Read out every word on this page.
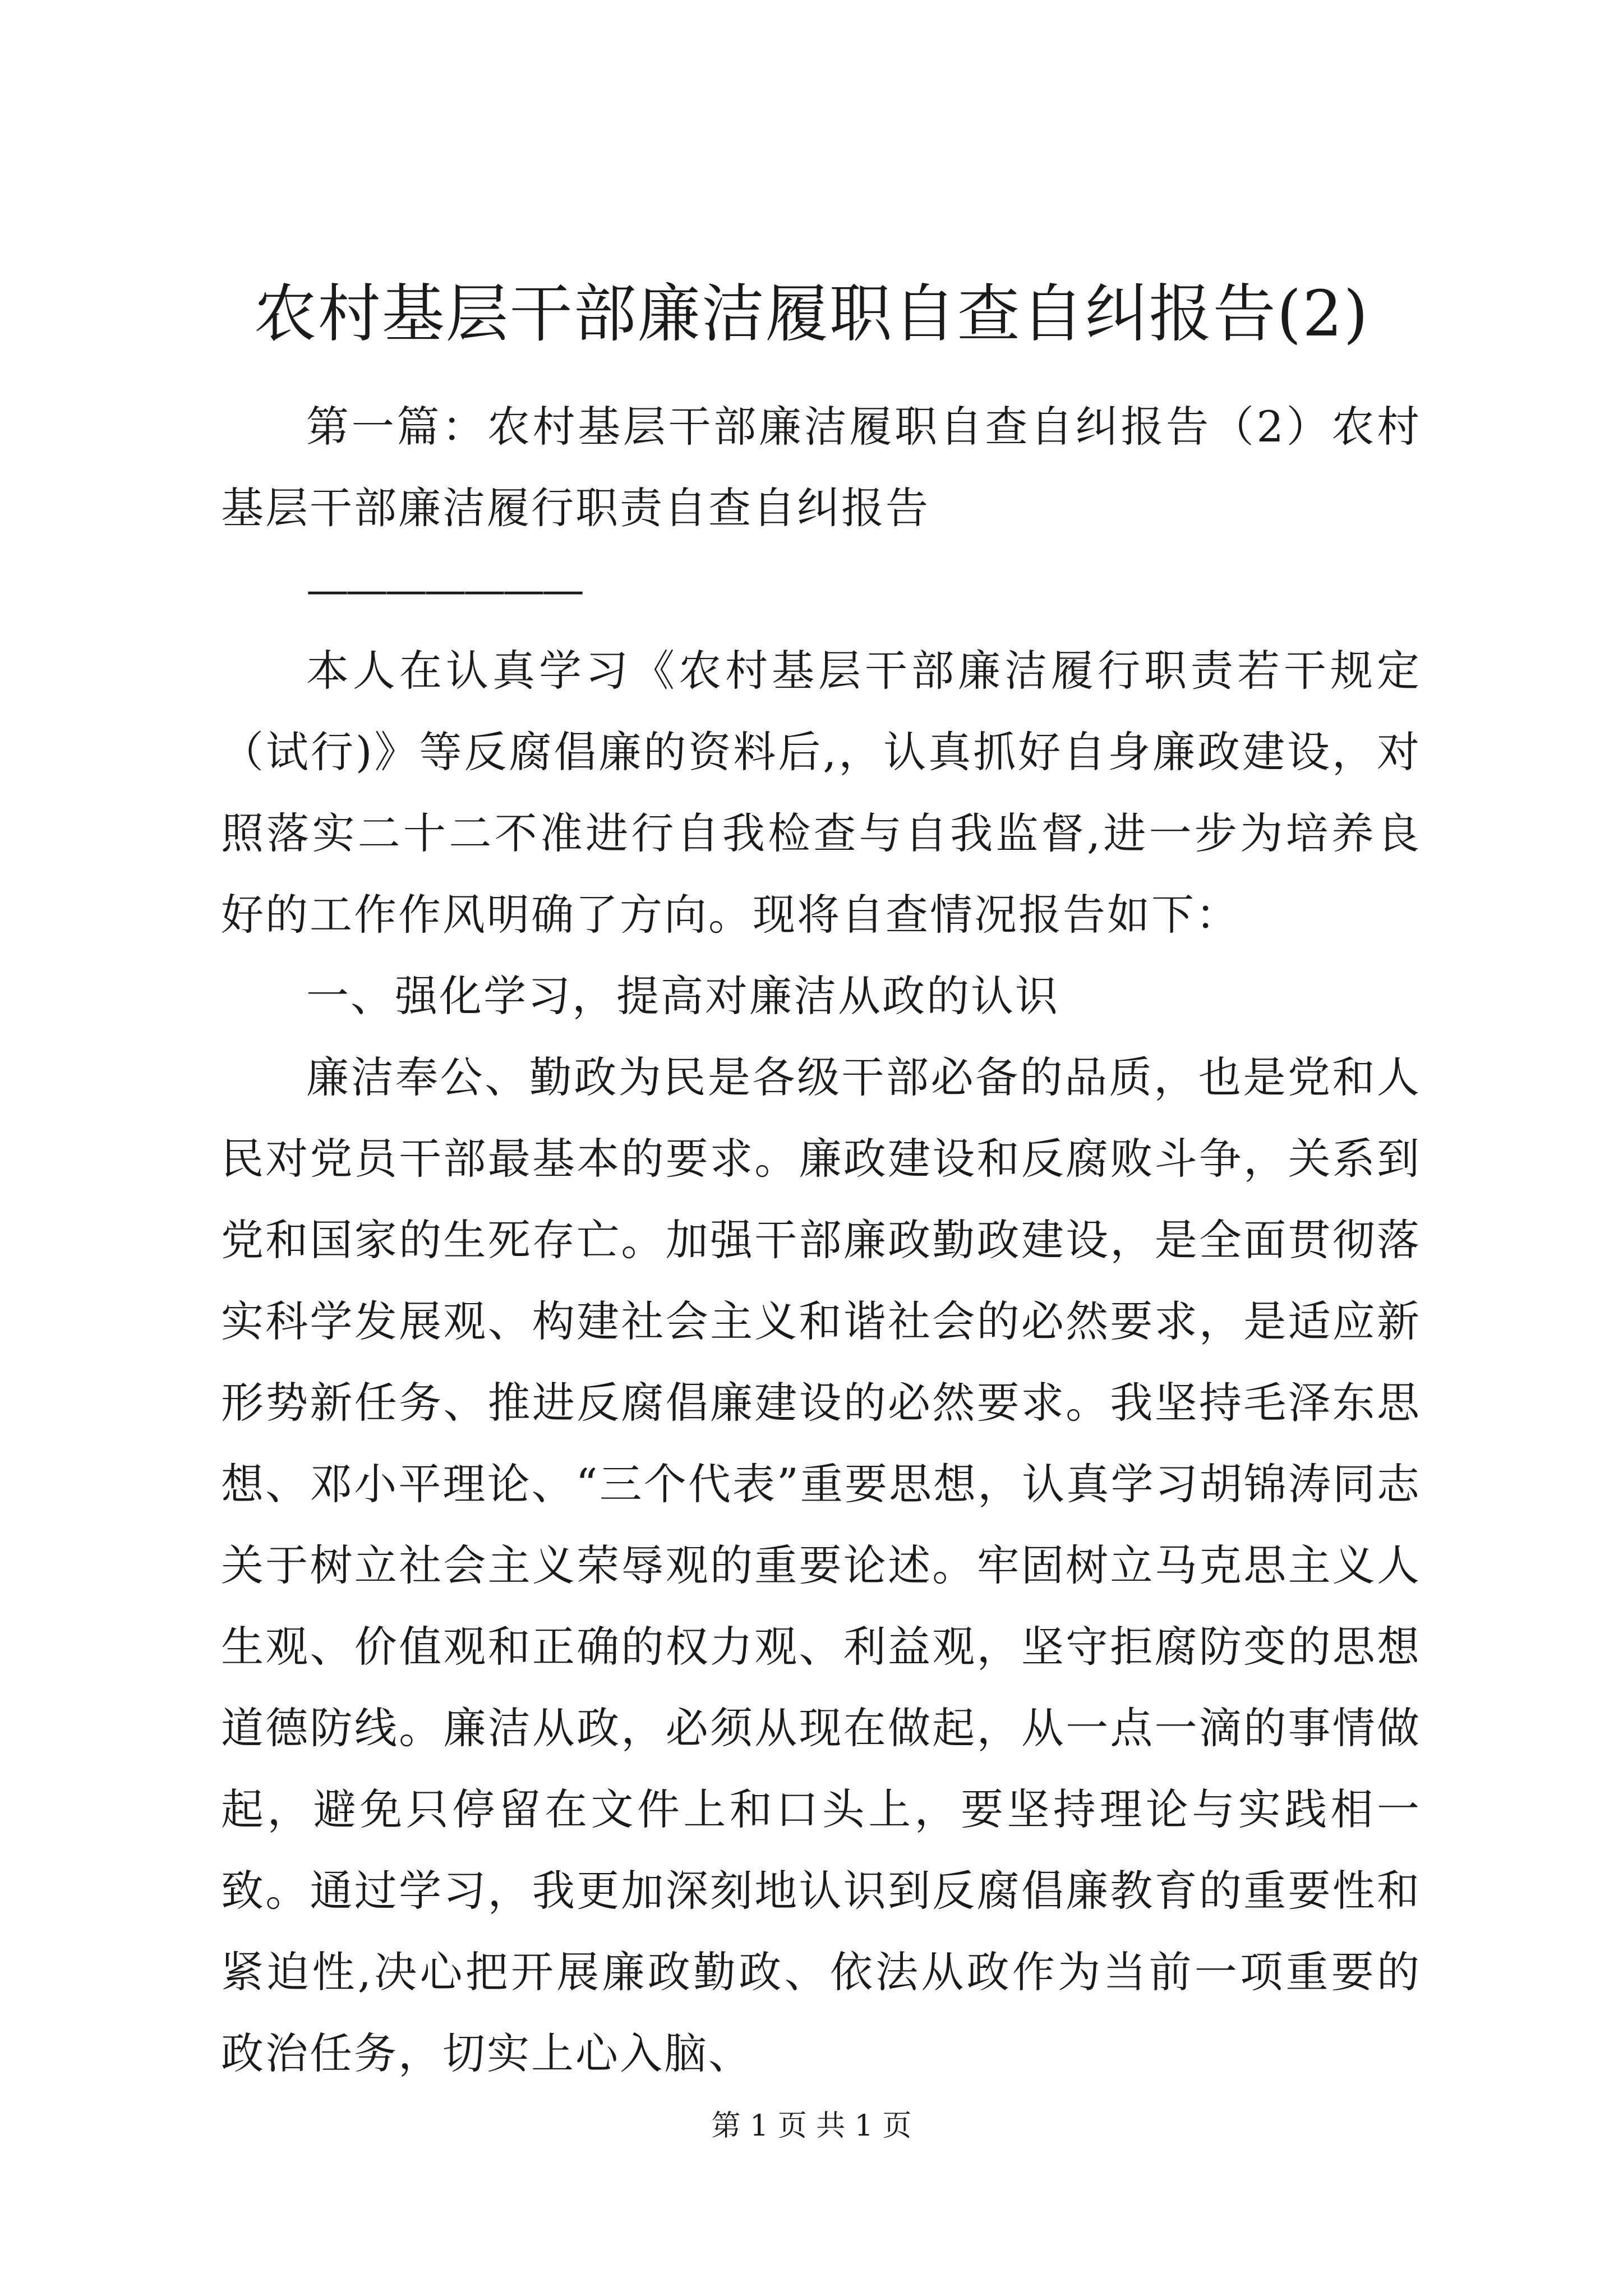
农村基层干部廉洁履职自查自纠报告(2)

第一篇：农村基层干部廉洁履职自查自纠报告（2）农村基层干部廉洁履行职责自查自纠报告

———————

本人在认真学习《农村基层干部廉洁履行职责若干规定（试行)》等反腐倡廉的资料后,，认真抓好自身廉政建设，对照落实二十二不准进行自我检查与自我监督,进一步为培养良好的工作作风明确了方向。现将自查情况报告如下：

一、强化学习，提高对廉洁从政的认识

廉洁奉公、勤政为民是各级干部必备的品质，也是党和人民对党员干部最基本的要求。廉政建设和反腐败斗争，关系到党和国家的生死存亡。加强干部廉政勤政建设，是全面贯彻落实科学发展观、构建社会主义和谐社会的必然要求，是适应新形势新任务、推进反腐倡廉建设的必然要求。我坚持毛泽东思想、邓小平理论、“三个代表”重要思想，认真学习胡锦涛同志关于树立社会主义荣辱观的重要论述。牢固树立马克思主义人生观、价值观和正确的权力观、利益观，坚守拒腐防变的思想道德防线。廉洁从政，必须从现在做起，从一点一滴的事情做起，避免只停留在文件上和口头上，要坚持理论与实践相一致。通过学习，我更加深刻地认识到反腐倡廉教育的重要性和紧迫性,决心把开展廉政勤政、依法从政作为当前一项重要的政治任务，切实上心入脑、

第 1 页 共 1 页
